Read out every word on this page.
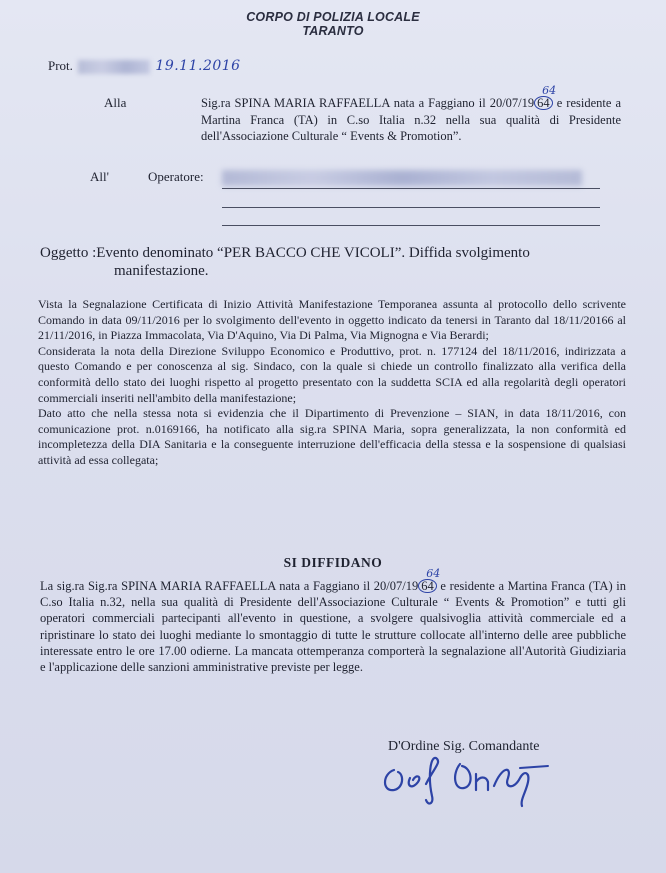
CORPO DI POLIZIA LOCALE
TARANTO
Prot.	19.11.2016
Alla	Sig.ra SPINA MARIA RAFFAELLA nata a Faggiano il 20/07/19 64
64
e residente a Martina Franca (TA) in C.so Italia n.32 nella sua qualità di Presidente dell'Associazione Culturale “ Events & Promotion”.
All'	Operatore:
Oggetto :Evento denominato “PER BACCO CHE VICOLI”. Diffida svolgimento
manifestazione.

Vista la Segnalazione Certificata di Inizio Attività Manifestazione Temporanea assunta al protocollo dello scrivente Comando in data 09/11/2016 per lo svolgimento dell'evento in oggetto indicato da tenersi in Taranto dal 18/11/20166 al 21/11/2016, in Piazza Immacolata, Via D'Aquino, Via Di Palma, Via Mignogna e Via Berardi;

Considerata la nota della Direzione Sviluppo Economico e Produttivo, prot. n. 177124 del 18/11/2016, indirizzata a questo Comando e per conoscenza al sig. Sindaco, con la quale si chiede un controllo finalizzato alla verifica della conformità dello stato dei luoghi rispetto al progetto presentato con la suddetta SCIA ed alla regolarità degli operatori commerciali inseriti nell'ambito della manifestazione;

Dato atto che nella stessa nota si evidenzia che il Dipartimento di Prevenzione – SIAN, in data 18/11/2016, con comunicazione prot. n.0169166, ha notificato alla sig.ra SPINA Maria, sopra generalizzata, la non conformità ed incompletezza della DIA Sanitaria e la conseguente interruzione dell'efficacia della stessa e la sospensione di qualsiasi attività ad essa collegata;

SI DIFFIDANO

La sig.ra Sig.ra SPINA MARIA RAFFAELLA nata a Faggiano il 20/07/19 64
64
e residente a Martina Franca (TA) in C.so Italia n.32, nella sua qualità di Presidente dell'Associazione Culturale “ Events & Promotion” e tutti gli operatori commerciali partecipanti all'evento in questione, a svolgere qualsivoglia attività commerciale ed a ripristinare lo stato dei luoghi mediante lo smontaggio di tutte le strutture collocate all'interno delle aree pubbliche interessate entro le ore 17.00 odierne. La mancata ottemperanza comporterà la segnalazione all'Autorità Giudiziaria e l'applicazione delle sanzioni amministrative previste per legge.

D'Ordine Sig. Comandante
